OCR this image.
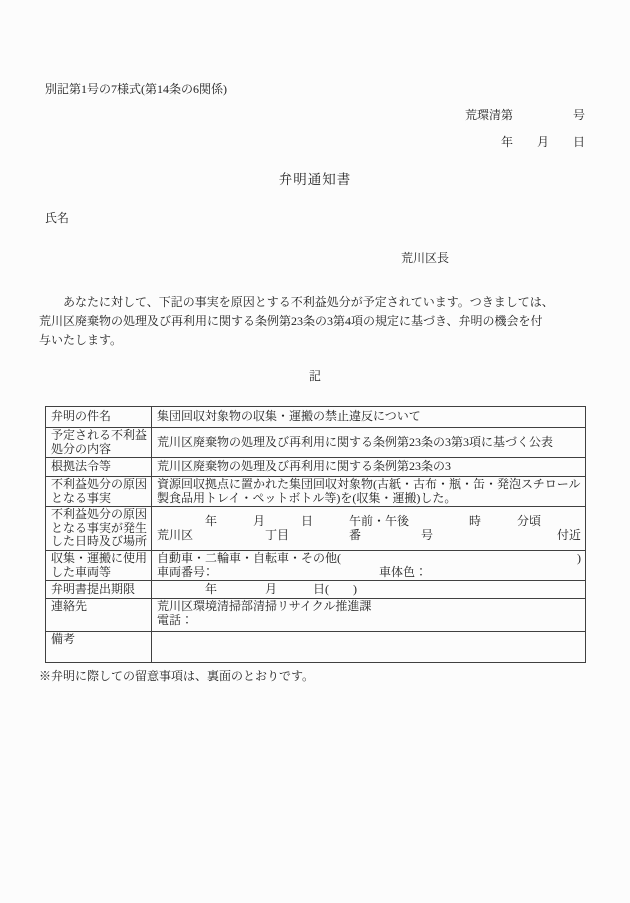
別記第1号の7様式(第14条の6関係)
荒環清第　　　　　号
年　　月　　日
弁明通知書
氏名
荒川区長
　　あなたに対して、下記の事実を原因とする不利益処分が予定されています。つきましては、
荒川区廃棄物の処理及び再利用に関する条例第23条の3第4項の規定に基づき、弁明の機会を付
与いたします。
記
弁明の件名	集団回収対象物の収集・運搬の禁止違反について
予定される不利益処分の内容	荒川区廃棄物の処理及び再利用に関する条例第23条の3第3項に基づく公表
根拠法令等	荒川区廃棄物の処理及び再利用に関する条例第23条の3
不利益処分の原因となる事実	資源回収拠点に置かれた集団回収対象物(古紙・古布・瓶・缶・発泡スチロール製食品用トレイ・ペットボトル等)を(収集・運搬)した。
不利益処分の原因となる事実が発生した日時及び場所	　　　　年　　　月　　　日　　　午前・午後　　　　　時　　　分頃
荒川区　　　　　　丁目　　　　　番　　　　　号 付近

収集・運搬に使用した車両等	自動車・二輪車・自転車・その他( )
車両番号：　　　　　　　　　　　　　　車体色：

弁明書提出期限	　　　　年　　　　月　　　日(　　)
連絡先	荒川区環境清掃部清掃リサイクル推進課
電話：

備考	
※弁明に際しての留意事項は、裏面のとおりです。
